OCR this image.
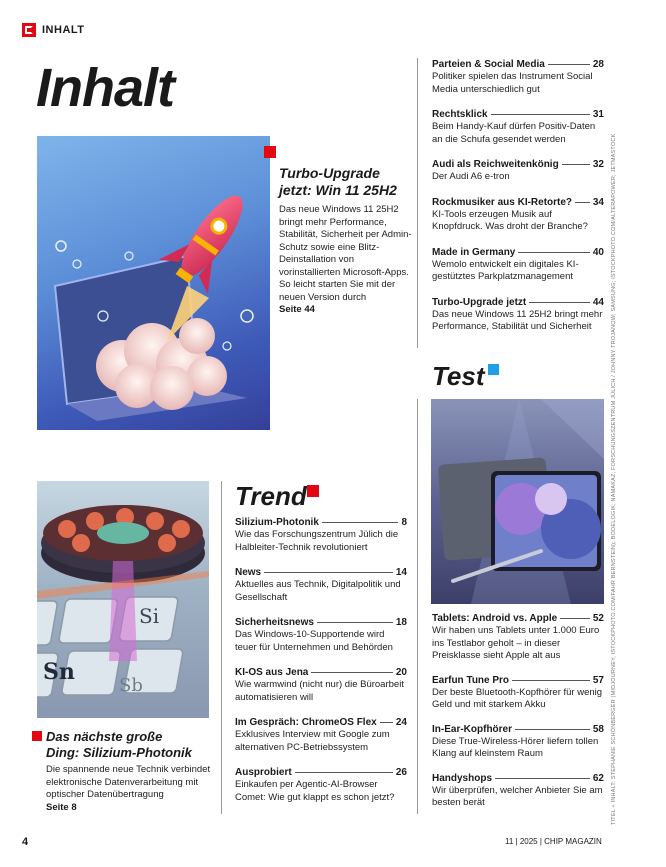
INHALT
Inhalt
Turbo-Upgrade
jetzt: Win 11 25H2
Das neue Windows 11 25H2 bringt mehr Performance, Stabilität, Sicherheit per Admin-Schutz sowie eine Blitz-Deinstallation von vorinstallierten Microsoft-Apps. So leicht starten Sie mit der neuen Version durch
Seite 44
Si
Sn
Sb
Das nächste große
Ding: Silizium-Photonik
Die spannende neue Technik verbindet elektronische Datenverarbeitung mit optischer Datenübertragung
Seite 8
Parteien & Social Media	28
Politiker spielen das Instrument Social Media unterschiedlich gut
Rechtsklick	31
Beim Handy-Kauf dürfen Positiv-Daten an die Schufa gesendet werden
Audi als Reichweitenkönig	32
Der Audi A6 e-tron
Rockmusiker aus KI-Retorte? 34
KI-Tools erzeugen Musik auf Knopfdruck. Was droht der Branche?
Made in Germany	40
Wemolo entwickelt ein digitales KI-gestütztes Parkplatzmanagement
Turbo-Upgrade jetzt	44
Das neue Windows 11 25H2 bringt mehr Performance, Stabilität und Sicherheit
Test
Tablets: Android vs. Apple	52
Wir haben uns Tablets unter 1.000 Euro ins Testlabor geholt – in dieser Preisklasse sieht Apple alt aus
Earfun Tune Pro	57
Der beste Bluetooth-Kopfhörer für wenig Geld und mit starkem Akku
In-Ear-Kopfhörer	58
Diese True-Wireless-Hörer liefern tollen Klang auf kleinstem Raum
Handyshops	62
Wir überprüfen, welcher Anbieter Sie am besten berät
Trend
Silizium-Photonik	8
Wie das Forschungszentrum Jülich die Halbleiter-Technik revolutioniert
News	14
Aktuelles aus Technik, Digitalpolitik und Gesellschaft
Sicherheitsnews	18
Das Windows-10-Supportende wird teuer für Unternehmen und Behörden
KI-OS aus Jena	20
Wie warmwind (nicht nur) die Büroarbeit automatisieren will
Im Gespräch: ChromeOS Flex 24
Exklusives Interview mit Google zum alternativen PC-Betriebssystem
Ausprobiert	26
Einkaufen per Agentic-AI-Browser Comet: Wie gut klappt es schon jetzt?	TITEL + INHALT: STEPHANIE SCHÖNBERGER (MIDJOURNEY, ISTOCKPHOTO.COM/FAHR BERNSTEIN); BOOELOGIK; NAMAKAZ; FORSCHUNGSZENTRUM JÜLICH / JOHNNY TROJANOW; SAMSUNG; ISTOCKPHOTO.COM/ALTERAPOWER; JETMASTOCK
4	11 | 2025 | CHIP MAGAZIN
